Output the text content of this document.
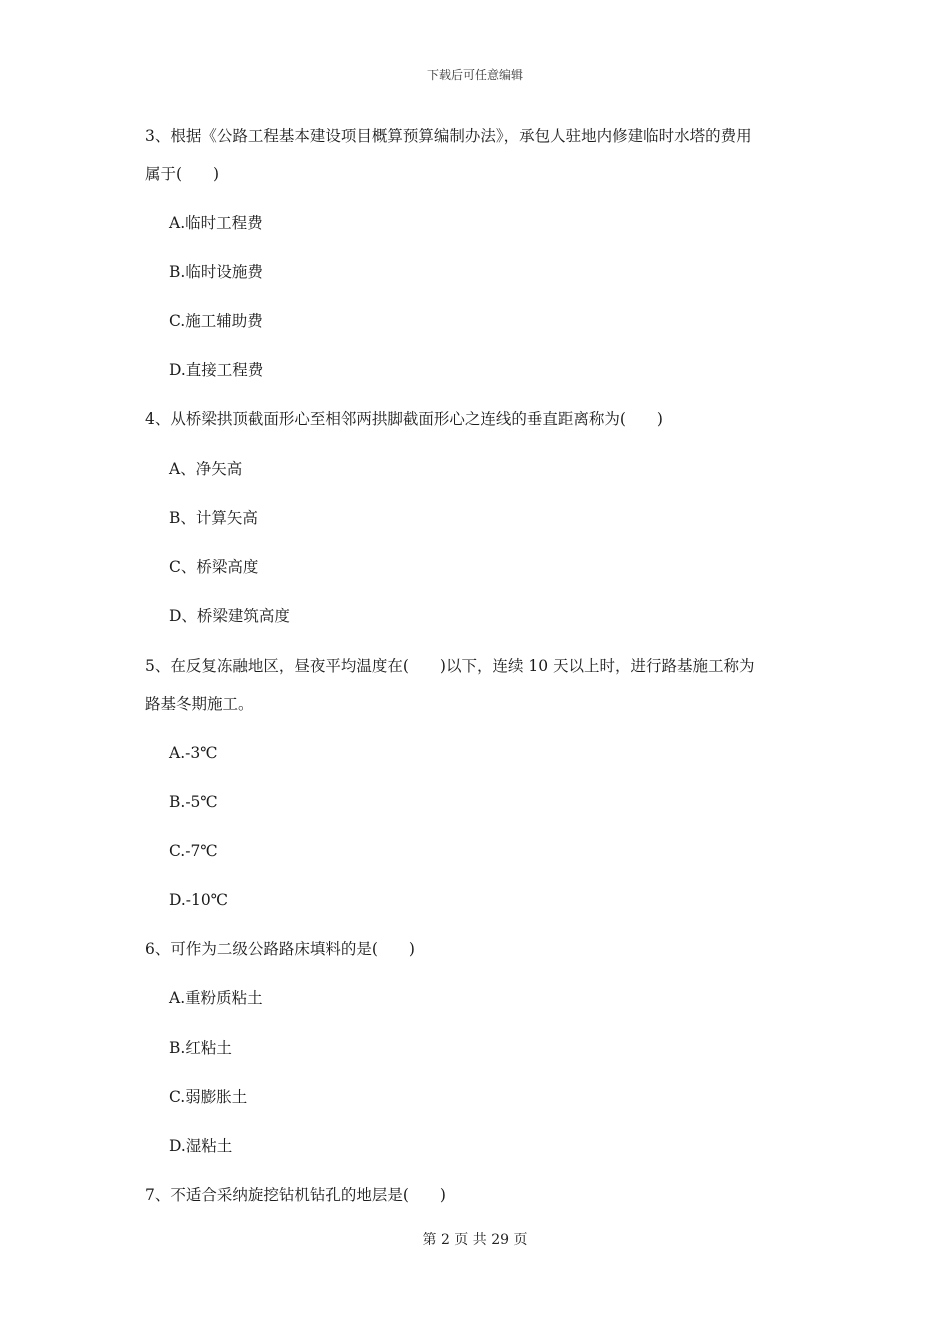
下载后可任意编辑
3、根据《公路工程基本建设项目概算预算编制办法》，承包人驻地内修建临时水塔的费用
属于(　　)
A.临时工程费
B.临时设施费
C.施工辅助费
D.直接工程费
4、从桥梁拱顶截面形心至相邻两拱脚截面形心之连线的垂直距离称为(　　)
A、净矢高
B、计算矢高
C、桥梁高度
D、桥梁建筑高度
5、在反复冻融地区，昼夜平均温度在(　　)以下，连续 10 天以上时，进行路基施工称为
路基冬期施工。
A.-3℃
B.-5℃
C.-7℃
D.-10℃
6、可作为二级公路路床填料的是(　　)
A.重粉质粘土
B.红粘土
C.弱膨胀土
D.湿粘土
7、不适合采纳旋挖钻机钻孔的地层是(　　)
第 2 页 共 29 页
